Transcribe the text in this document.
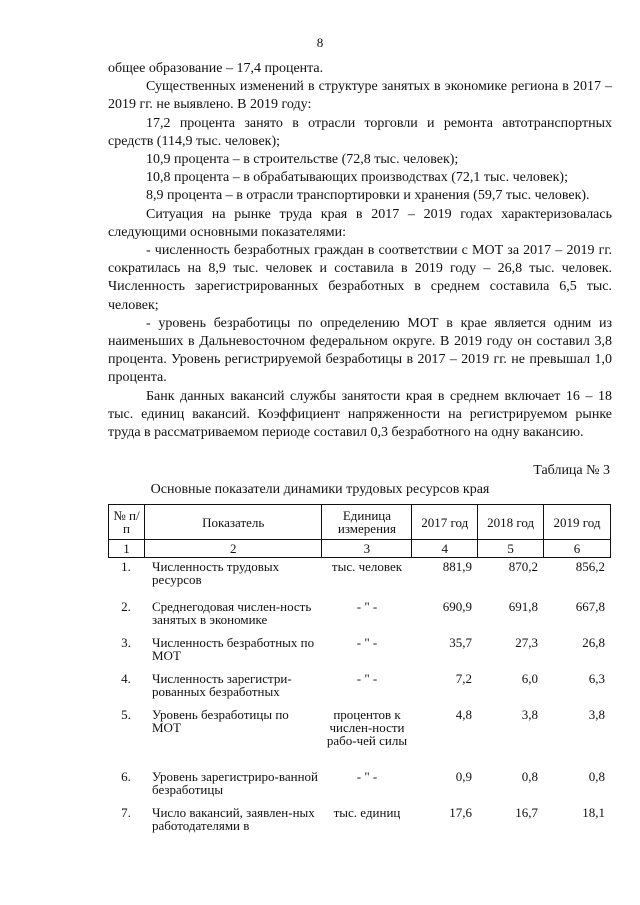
8

общее образование – 17,4 процента.

Существенных изменений в структуре занятых в экономике региона в 2017 – 2019 гг. не выявлено. В 2019 году:

17,2 процента занято в отрасли торговли и ремонта автотранспортных средств (114,9 тыс. человек);

10,9 процента – в строительстве (72,8 тыс. человек);

10,8 процента – в обрабатывающих производствах (72,1 тыс. человек);

8,9 процента – в отрасли транспортировки и хранения (59,7 тыс. человек).

Ситуация на рынке труда края в 2017 – 2019 годах характеризовалась следующими основными показателями:

- численность безработных граждан в соответствии с МОТ за 2017 – 2019 гг. сократилась на 8,9 тыс. человек и составила в 2019 году – 26,8 тыс. человек. Численность зарегистрированных безработных в среднем составила 6,5 тыс. человек;

- уровень безработицы по определению МОТ в крае является одним из наименьших в Дальневосточном федеральном округе. В 2019 году он составил 3,8 процента. Уровень регистрируемой безработицы в 2017 – 2019 гг. не превышал 1,0 процента.

Банк данных вакансий службы занятости края в среднем включает 16 – 18 тыс. единиц вакансий. Коэффициент напряженности на регистрируемом рынке труда в рассматриваемом периоде составил 0,3 безработного на одну вакансию.

Таблица № 3
Основные показатели динамики трудовых ресурсов края
№ п/п	Показатель	Единица измерения	2017 год	2018 год	2019 год
1	2	3	4	5	6
1.	Численность трудовых ресурсов	тыс. человек	881,9	870,2	856,2
2.	Среднегодовая числен-ность занятых в экономике	- " -	690,9	691,8	667,8
3.	Численность безработных по МОТ	- " -	35,7	27,3	26,8
4.	Численность зарегистри-рованных безработных	- " -	7,2	6,0	6,3
5.	Уровень безработицы по МОТ	процентов к числен-ности рабо-чей силы	4,8	3,8	3,8
6.	Уровень зарегистриро-ванной безработицы	- " -	0,9	0,8	0,8
7.	Число вакансий, заявлен-ных работодателями в	тыс. единиц	17,6	16,7	18,1
